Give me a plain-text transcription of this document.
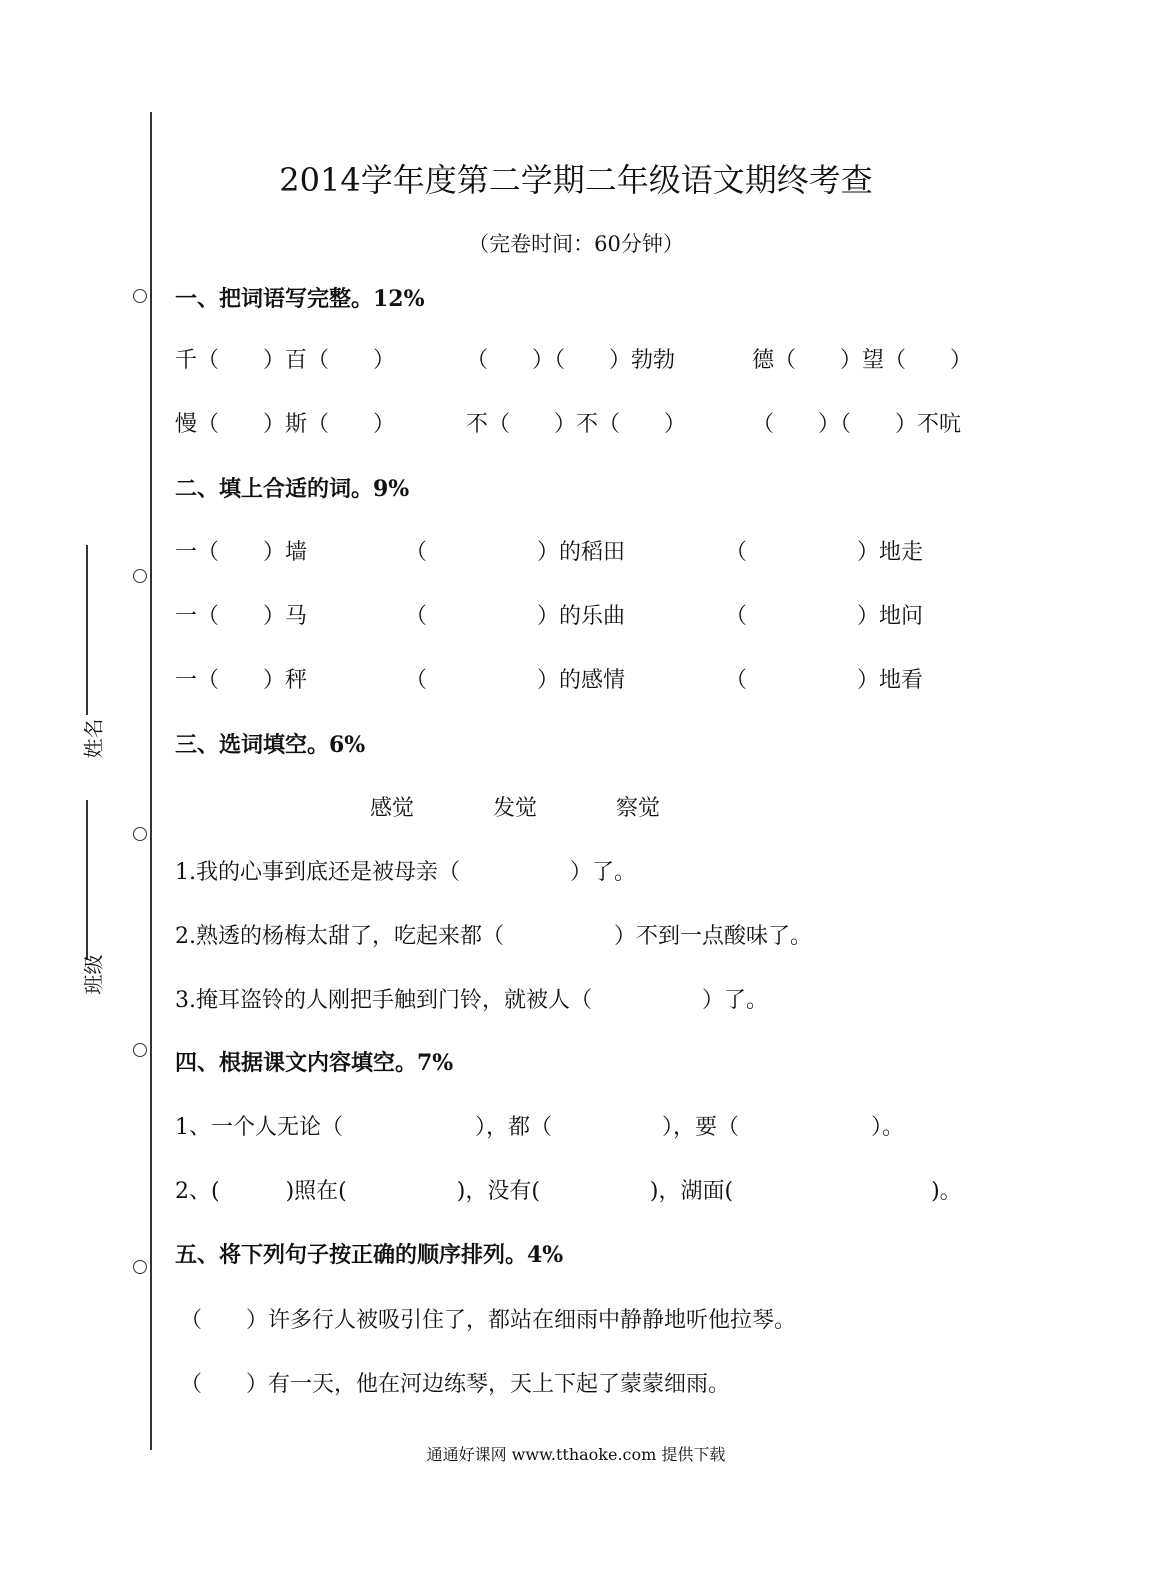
姓名
班级
2014学年度第二学期二年级语文期终考查
（完卷时间：60分钟）
一、把词语写完整。12%
千（　　）百（　　）	（　　）（　　）勃勃	德（　　）望（　　）
慢（　　）斯（　　）	不（　　）不（　　）	（　　）（　　）不吭
二、填上合适的词。9%
一（　　）墙	（　　　　　）的稻田	（　　　　　）地走
一（　　）马	（　　　　　）的乐曲	（　　　　　）地问
一（　　）秤	（　　　　　）的感情	（　　　　　）地看
三、选词填空。6%
感觉	发觉	察觉
1.我的心事到底还是被母亲（　　　　　）了。
2.熟透的杨梅太甜了，吃起来都（　　　　　）不到一点酸味了。
3.掩耳盗铃的人刚把手触到门铃，就被人（　　　　　）了。
四、根据课文内容填空。7%
1、一个人无论（　　　　　　），都（　　　　　），要（　　　　　　）。
2、(　　　)照在(　　　　　)，没有(　　　　　)，湖面(　　　　　　　　　)。
五、将下列句子按正确的顺序排列。4%
（　　）许多行人被吸引住了，都站在细雨中静静地听他拉琴。
（　　）有一天，他在河边练琴，天上下起了蒙蒙细雨。
通通好课网 www.tthaoke.com 提供下载
